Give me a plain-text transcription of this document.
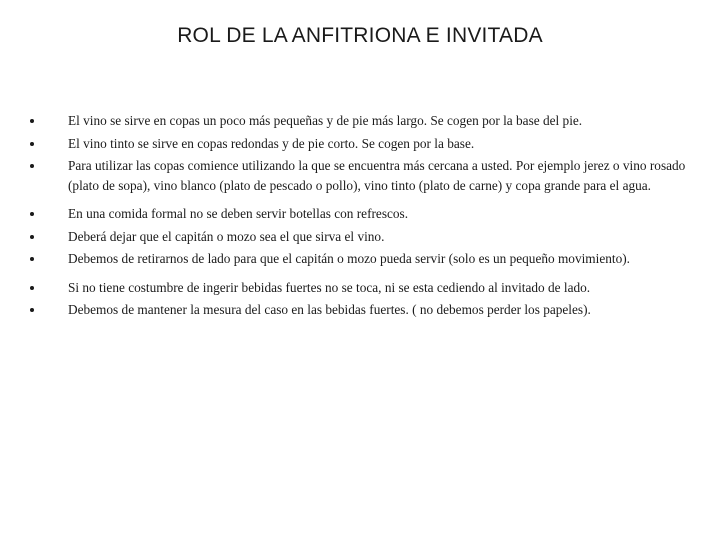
ROL DE LA ANFITRIONA E INVITADA
El vino se sirve en copas un poco más pequeñas y de pie más largo. Se cogen por la base del pie.
El vino tinto se sirve en copas redondas y de pie corto. Se cogen por la base.
Para utilizar las copas comience utilizando la que se encuentra más cercana a usted. Por ejemplo jerez o vino rosado (plato de sopa), vino blanco (plato de pescado o pollo), vino tinto (plato de carne) y copa grande para el agua.
En una comida formal no se deben servir botellas con refrescos.
Deberá dejar que el capitán o mozo sea el que sirva el vino.
Debemos de retirarnos de lado para que el capitán o mozo pueda servir (solo es un pequeño movimiento).
Si no tiene costumbre de ingerir bebidas fuertes no se toca, ni se esta cediendo al invitado de lado.
Debemos de mantener la mesura del caso en las bebidas fuertes. ( no debemos perder los papeles).
